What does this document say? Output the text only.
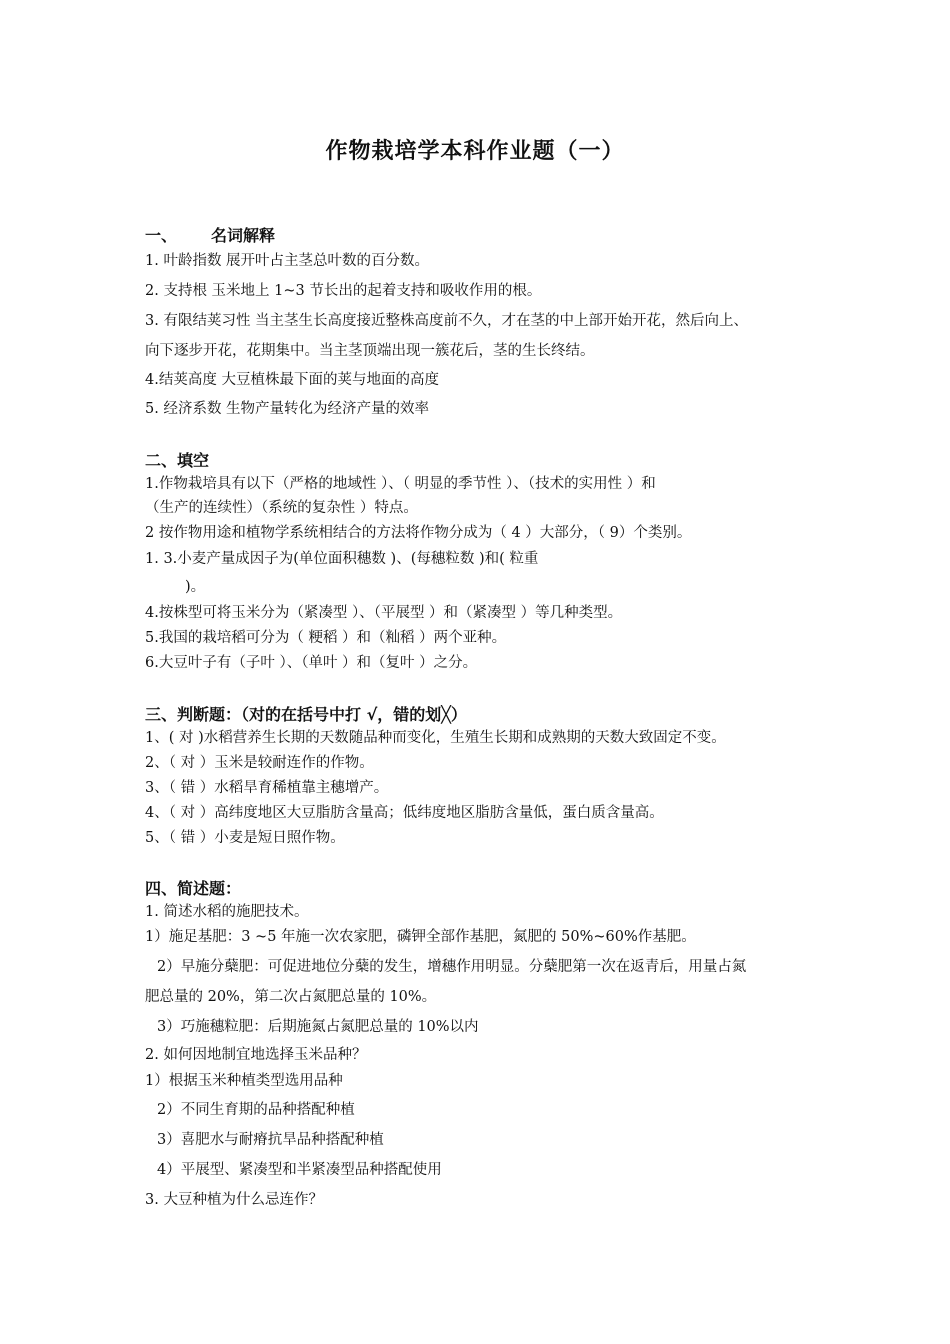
作物栽培学本科作业题（一）
一、 名词解释
1. 叶龄指数 展开叶占主茎总叶数的百分数。
2. 支持根 玉米地上 1~3 节长出的起着支持和吸收作用的根。
3. 有限结荚习性 当主茎生长高度接近整株高度前不久，才在茎的中上部开始开花，然后向上、
向下逐步开花，花期集中。当主茎顶端出现一簇花后，茎的生长终结。
4.结荚高度 大豆植株最下面的荚与地面的高度
5. 经济系数 生物产量转化为经济产量的效率
二、填空
1.作物栽培具有以下（严格的地域性 ）、（ 明显的季节性 ）、（技术的实用性 ）和
（生产的连续性）（系统的复杂性 ）特点。
2 按作物用途和植物学系统相结合的方法将作物分成为（ 4 ）大部分，（ 9）个类别。
1. 3.小麦产量成因子为(单位面积穗数 )、(每穗粒数 )和( 粒重
)。
4.按株型可将玉米分为（紧凑型 ）、（平展型 ）和（紧凑型 ）等几种类型。
5.我国的栽培稻可分为（ 粳稻 ）和（籼稻 ）两个亚种。
6.大豆叶子有（子叶 ）、（单叶 ）和（复叶 ）之分。
三、判断题：（对的在括号中打 √，错的划╳）
1、( 对 )水稻营养生长期的天数随品种而变化，生殖生长期和成熟期的天数大致固定不变。
2、（ 对 ）玉米是较耐连作的作物。
3、（ 错 ）水稻旱育稀植靠主穗增产。
4、（ 对 ）高纬度地区大豆脂肪含量高；低纬度地区脂肪含量低，蛋白质含量高。
5、（ 错 ）小麦是短日照作物。
四、简述题：
1. 简述水稻的施肥技术。
1）施足基肥：3 ~5 年施一次农家肥，磷钾全部作基肥，氮肥的 50%~60%作基肥。
2）早施分蘖肥：可促进地位分蘖的发生，增穗作用明显。分蘖肥第一次在返青后，用量占氮
肥总量的 20%，第二次占氮肥总量的 10%。
3）巧施穗粒肥：后期施氮占氮肥总量的 10%以内
2. 如何因地制宜地选择玉米品种？
1）根据玉米种植类型选用品种
2）不同生育期的品种搭配种植
3）喜肥水与耐瘠抗旱品种搭配种植
4）平展型、紧凑型和半紧凑型品种搭配使用
3. 大豆种植为什么忌连作？
